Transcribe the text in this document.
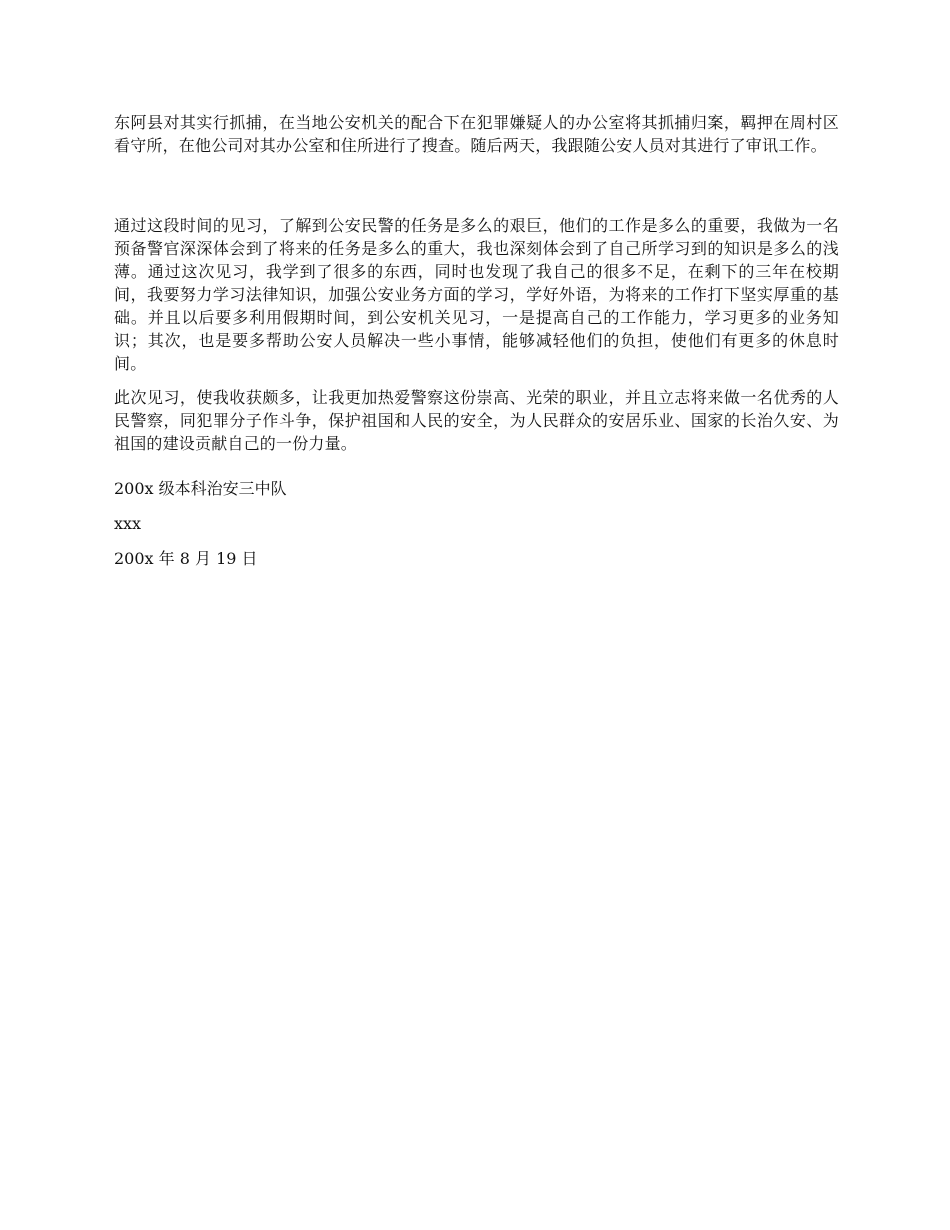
东阿县对其实行抓捕，在当地公安机关的配合下在犯罪嫌疑人的办公室将其抓捕归案，羁押在周村区看守所，在他公司对其办公室和住所进行了搜查。随后两天，我跟随公安人员对其进行了审讯工作。

通过这段时间的见习，了解到公安民警的任务是多么的艰巨，他们的工作是多么的重要，我做为一名预备警官深深体会到了将来的任务是多么的重大，我也深刻体会到了自己所学习到的知识是多么的浅薄。通过这次见习，我学到了很多的东西，同时也发现了我自己的很多不足，在剩下的三年在校期间，我要努力学习法律知识，加强公安业务方面的学习，学好外语，为将来的工作打下坚实厚重的基础。并且以后要多利用假期时间，到公安机关见习，一是提高自己的工作能力，学习更多的业务知识；其次，也是要多帮助公安人员解决一些小事情，能够减轻他们的负担，使他们有更多的休息时间。

此次见习，使我收获颇多，让我更加热爱警察这份崇高、光荣的职业，并且立志将来做一名优秀的人民警察，同犯罪分子作斗争，保护祖国和人民的安全，为人民群众的安居乐业、国家的长治久安、为祖国的建设贡献自己的一份力量。

200x 级本科治安三中队

xxx

200x 年 8 月 19 日
